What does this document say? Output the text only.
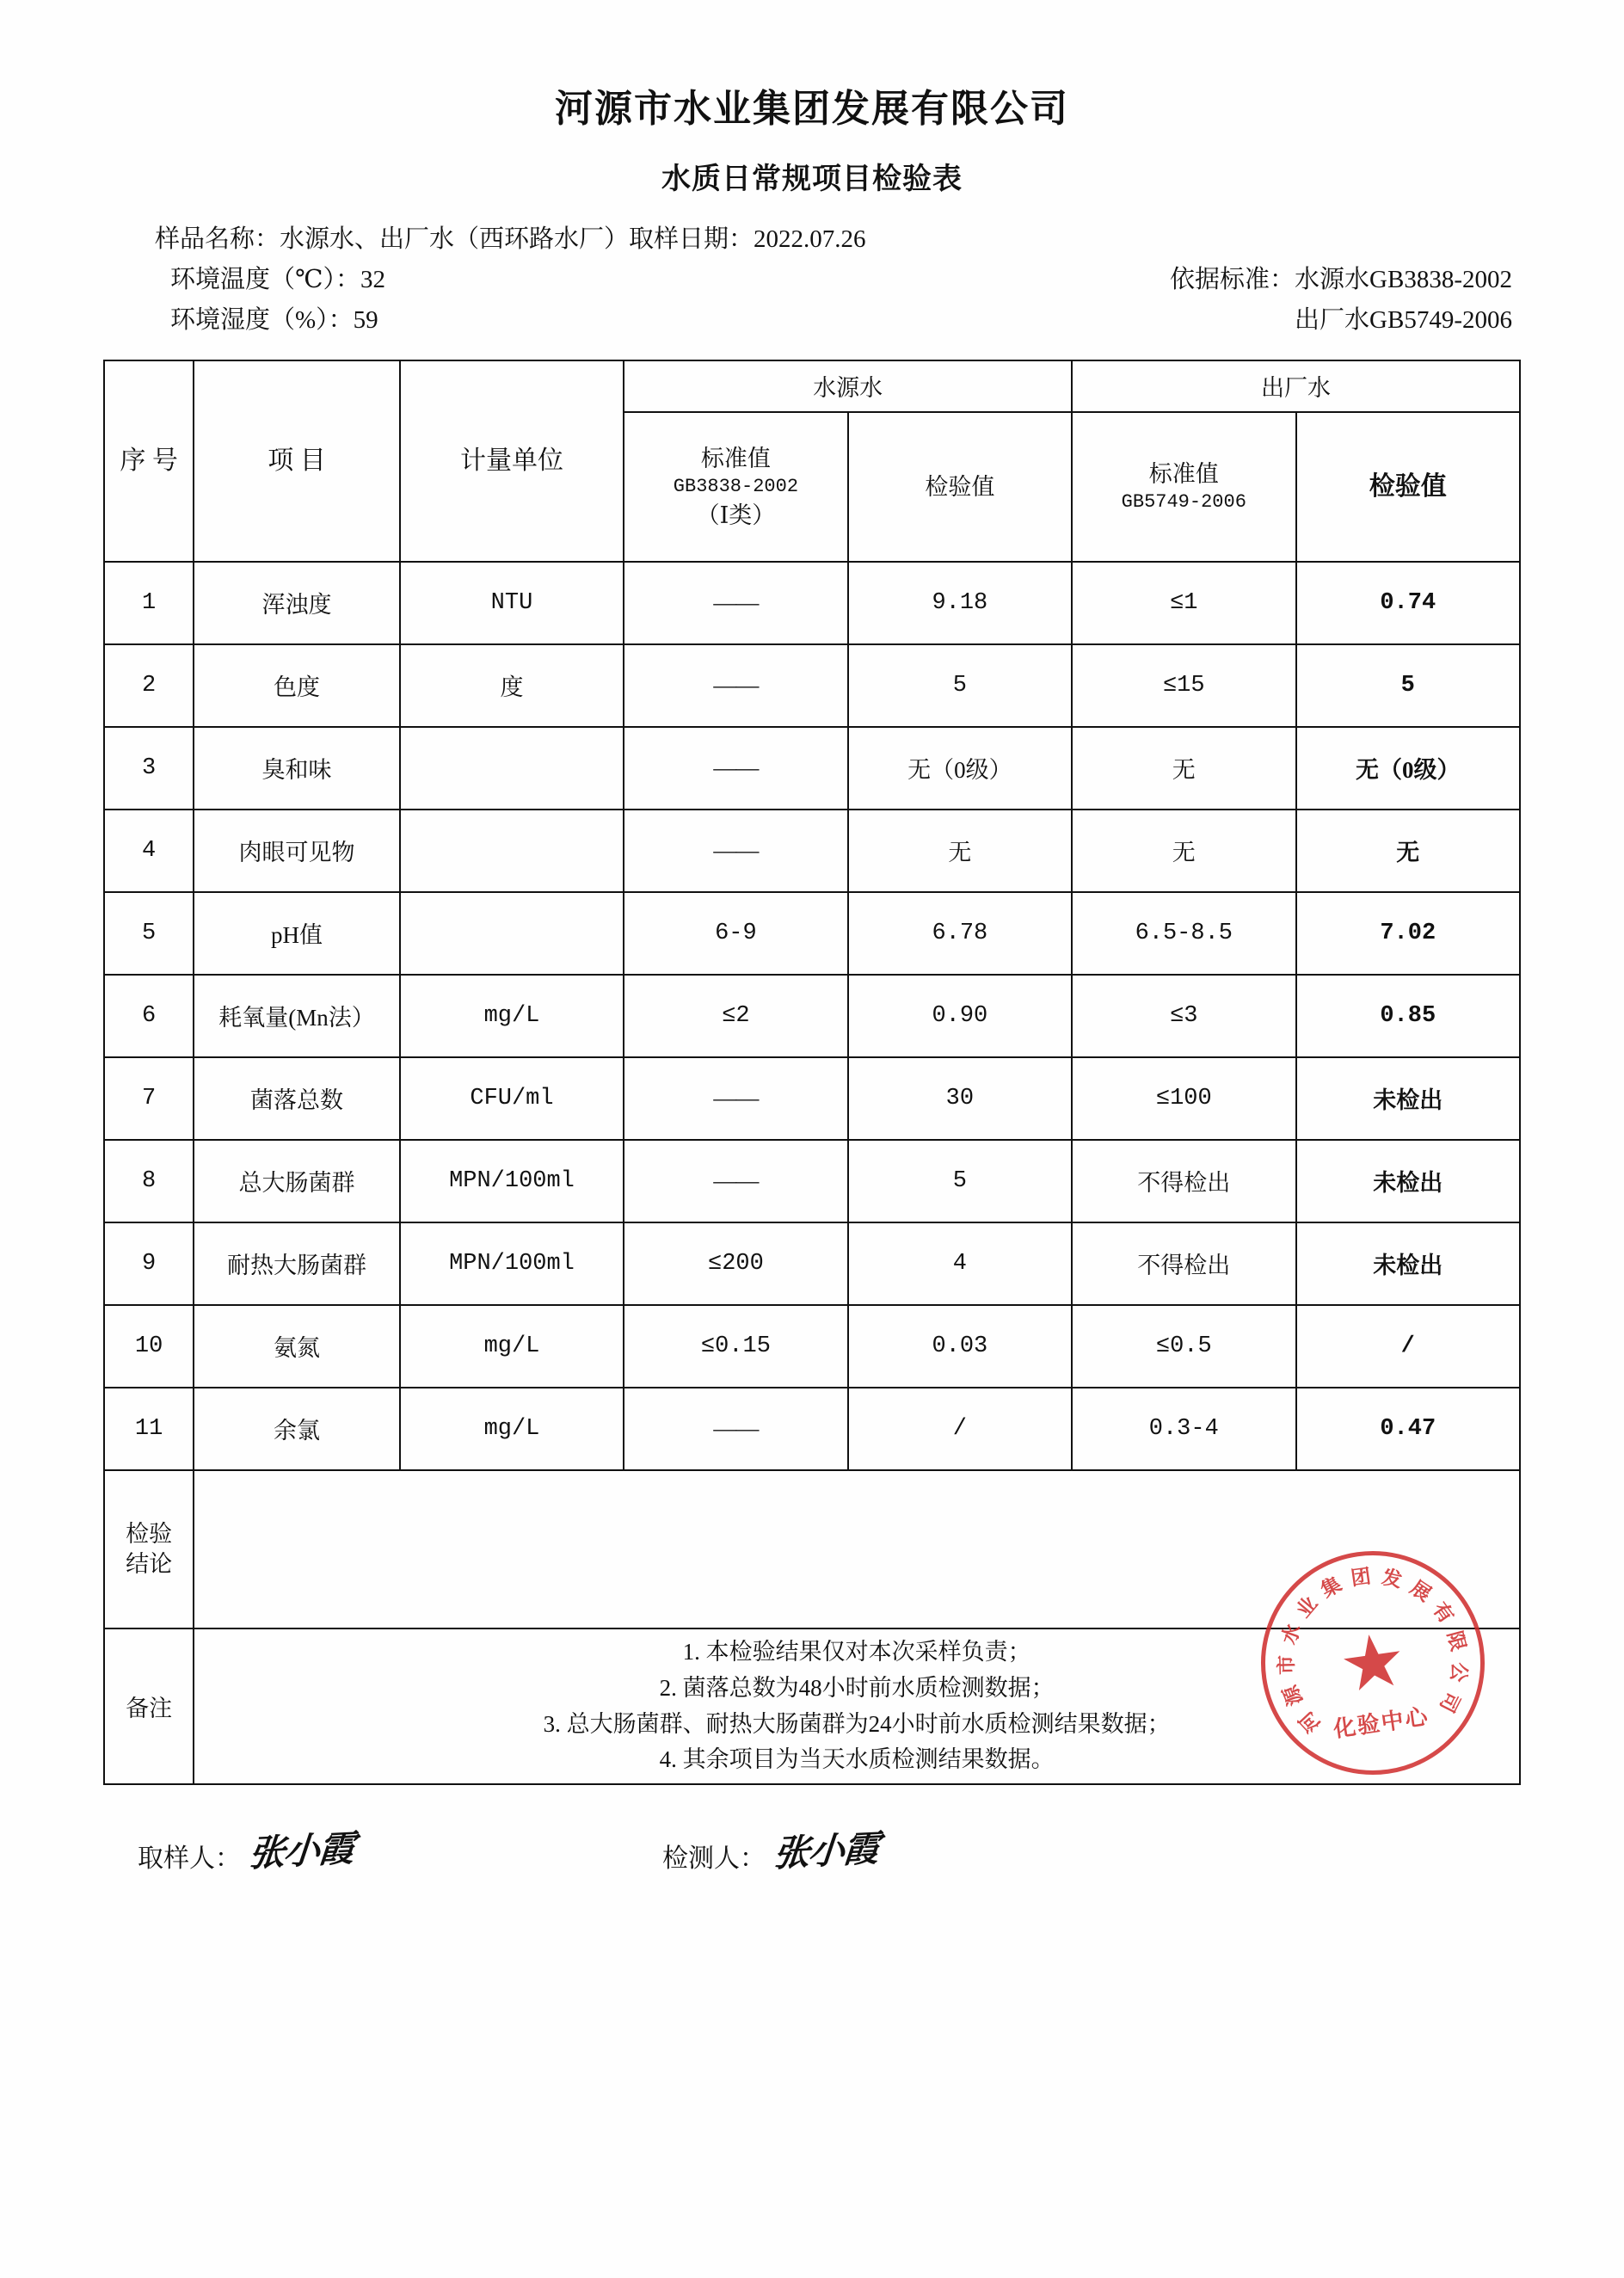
河源市水业集团发展有限公司
水质日常规项目检验表
样品名称：水源水、出厂水（西环路水厂）取样日期：2022.07.26
环境温度（℃）：32	依据标准：水源水GB3838-2002
环境湿度（%）：59	出厂水GB5749-2006
序 号	项 目	计量单位	水源水		出厂水	

标准值
GB3838-2002
（Ⅰ类）
	检验值	标准值
GB5749-2006
	检验值
1	浑浊度	NTU	——	9.18	≤1	0.74
2	色度	度	——	5	≤15	5
3	臭和味		——	无（0级）	无	无（0级）
4	肉眼可见物		——	无	无	无
5	pH值		6-9	6.78	6.5-8.5	7.02
6	耗氧量(Mn法）	mg/L	≤2	0.90	≤3	0.85
7	菌落总数	CFU/ml	——	30	≤100	未检出
8	总大肠菌群	MPN/100ml	——	5	不得检出	未检出
9	耐热大肠菌群	MPN/100ml	≤200	4	不得检出	未检出
10	氨氮	mg/L	≤0.15	0.03	≤0.5	/
11	余氯	mg/L	——	/	0.3-4	0.47
检验
结论						
备注	
1. 本检验结果仅对本次采样负责；
2. 菌落总数为48小时前水质检测数据；
3. 总大肠菌群、耐热大肠菌群为24小时前水质检测结果数据；
4. 其余项目为当天水质检测结果数据。
河
源
市
水
业
集 团 发 展
有
限
公
司
★
化验中心
取样人： 张小霞	检测人： 张小霞
